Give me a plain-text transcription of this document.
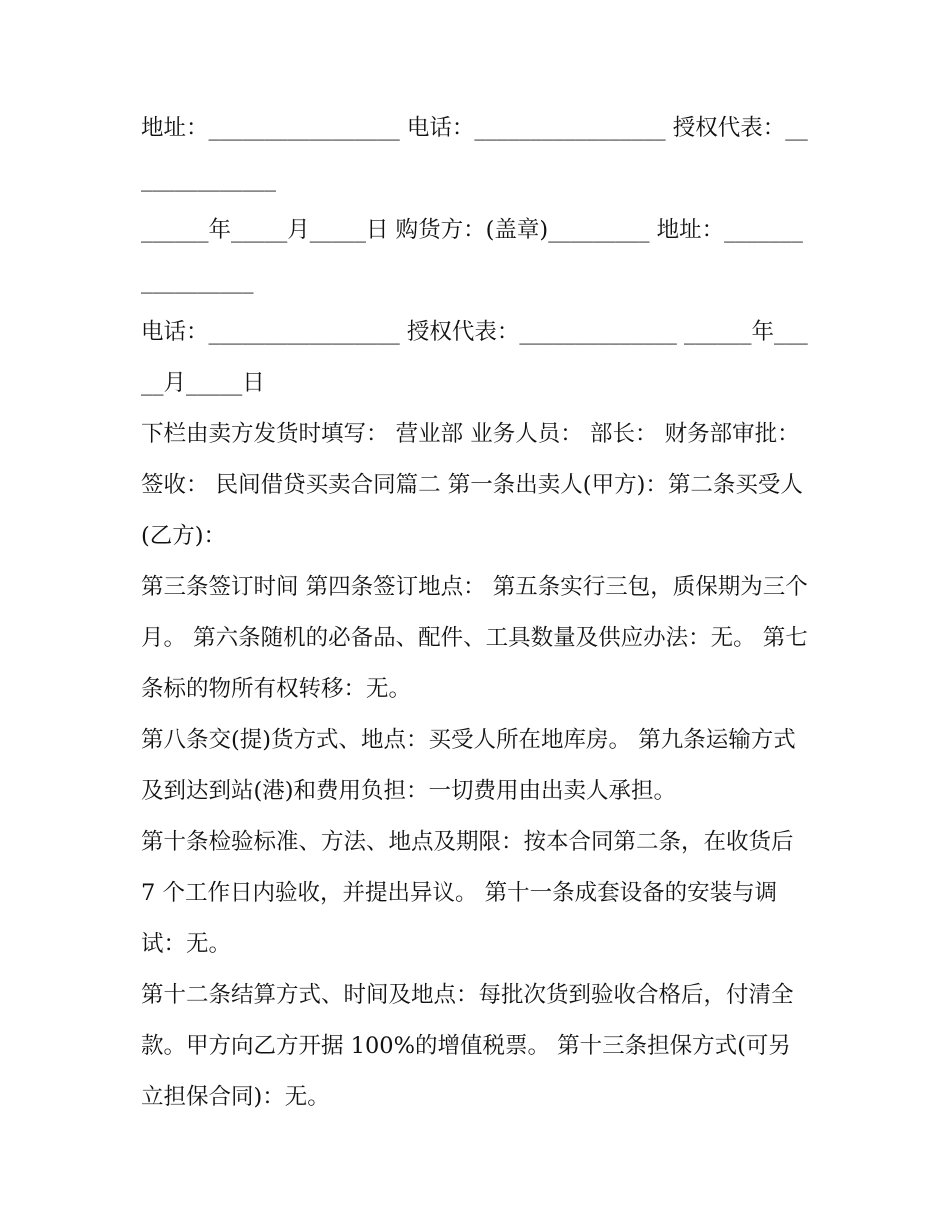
地址：_________________ 电话：_________________ 授权代表：______________

______年_____月_____日 购货方：(盖章)_________ 地址：_________________

电话：_________________ 授权代表：______________ ______年_____月_____日

下栏由卖方发货时填写： 营业部 业务人员： 部长： 财务部审批： 签收： 民间借贷买卖合同篇二 第一条出卖人(甲方)：第二条买受人(乙方)：

第三条签订时间 第四条签订地点： 第五条实行三包，质保期为三个月。 第六条随机的必备品、配件、工具数量及供应办法：无。 第七条标的物所有权转移：无。

第八条交(提)货方式、地点：买受人所在地库房。 第九条运输方式及到达到站(港)和费用负担：一切费用由出卖人承担。

第十条检验标准、方法、地点及期限：按本合同第二条，在收货后 7 个工作日内验收，并提出异议。 第十一条成套设备的安装与调试：无。

第十二条结算方式、时间及地点：每批次货到验收合格后，付清全款。甲方向乙方开据 100%的增值税票。 第十三条担保方式(可另立担保合同)：无。
